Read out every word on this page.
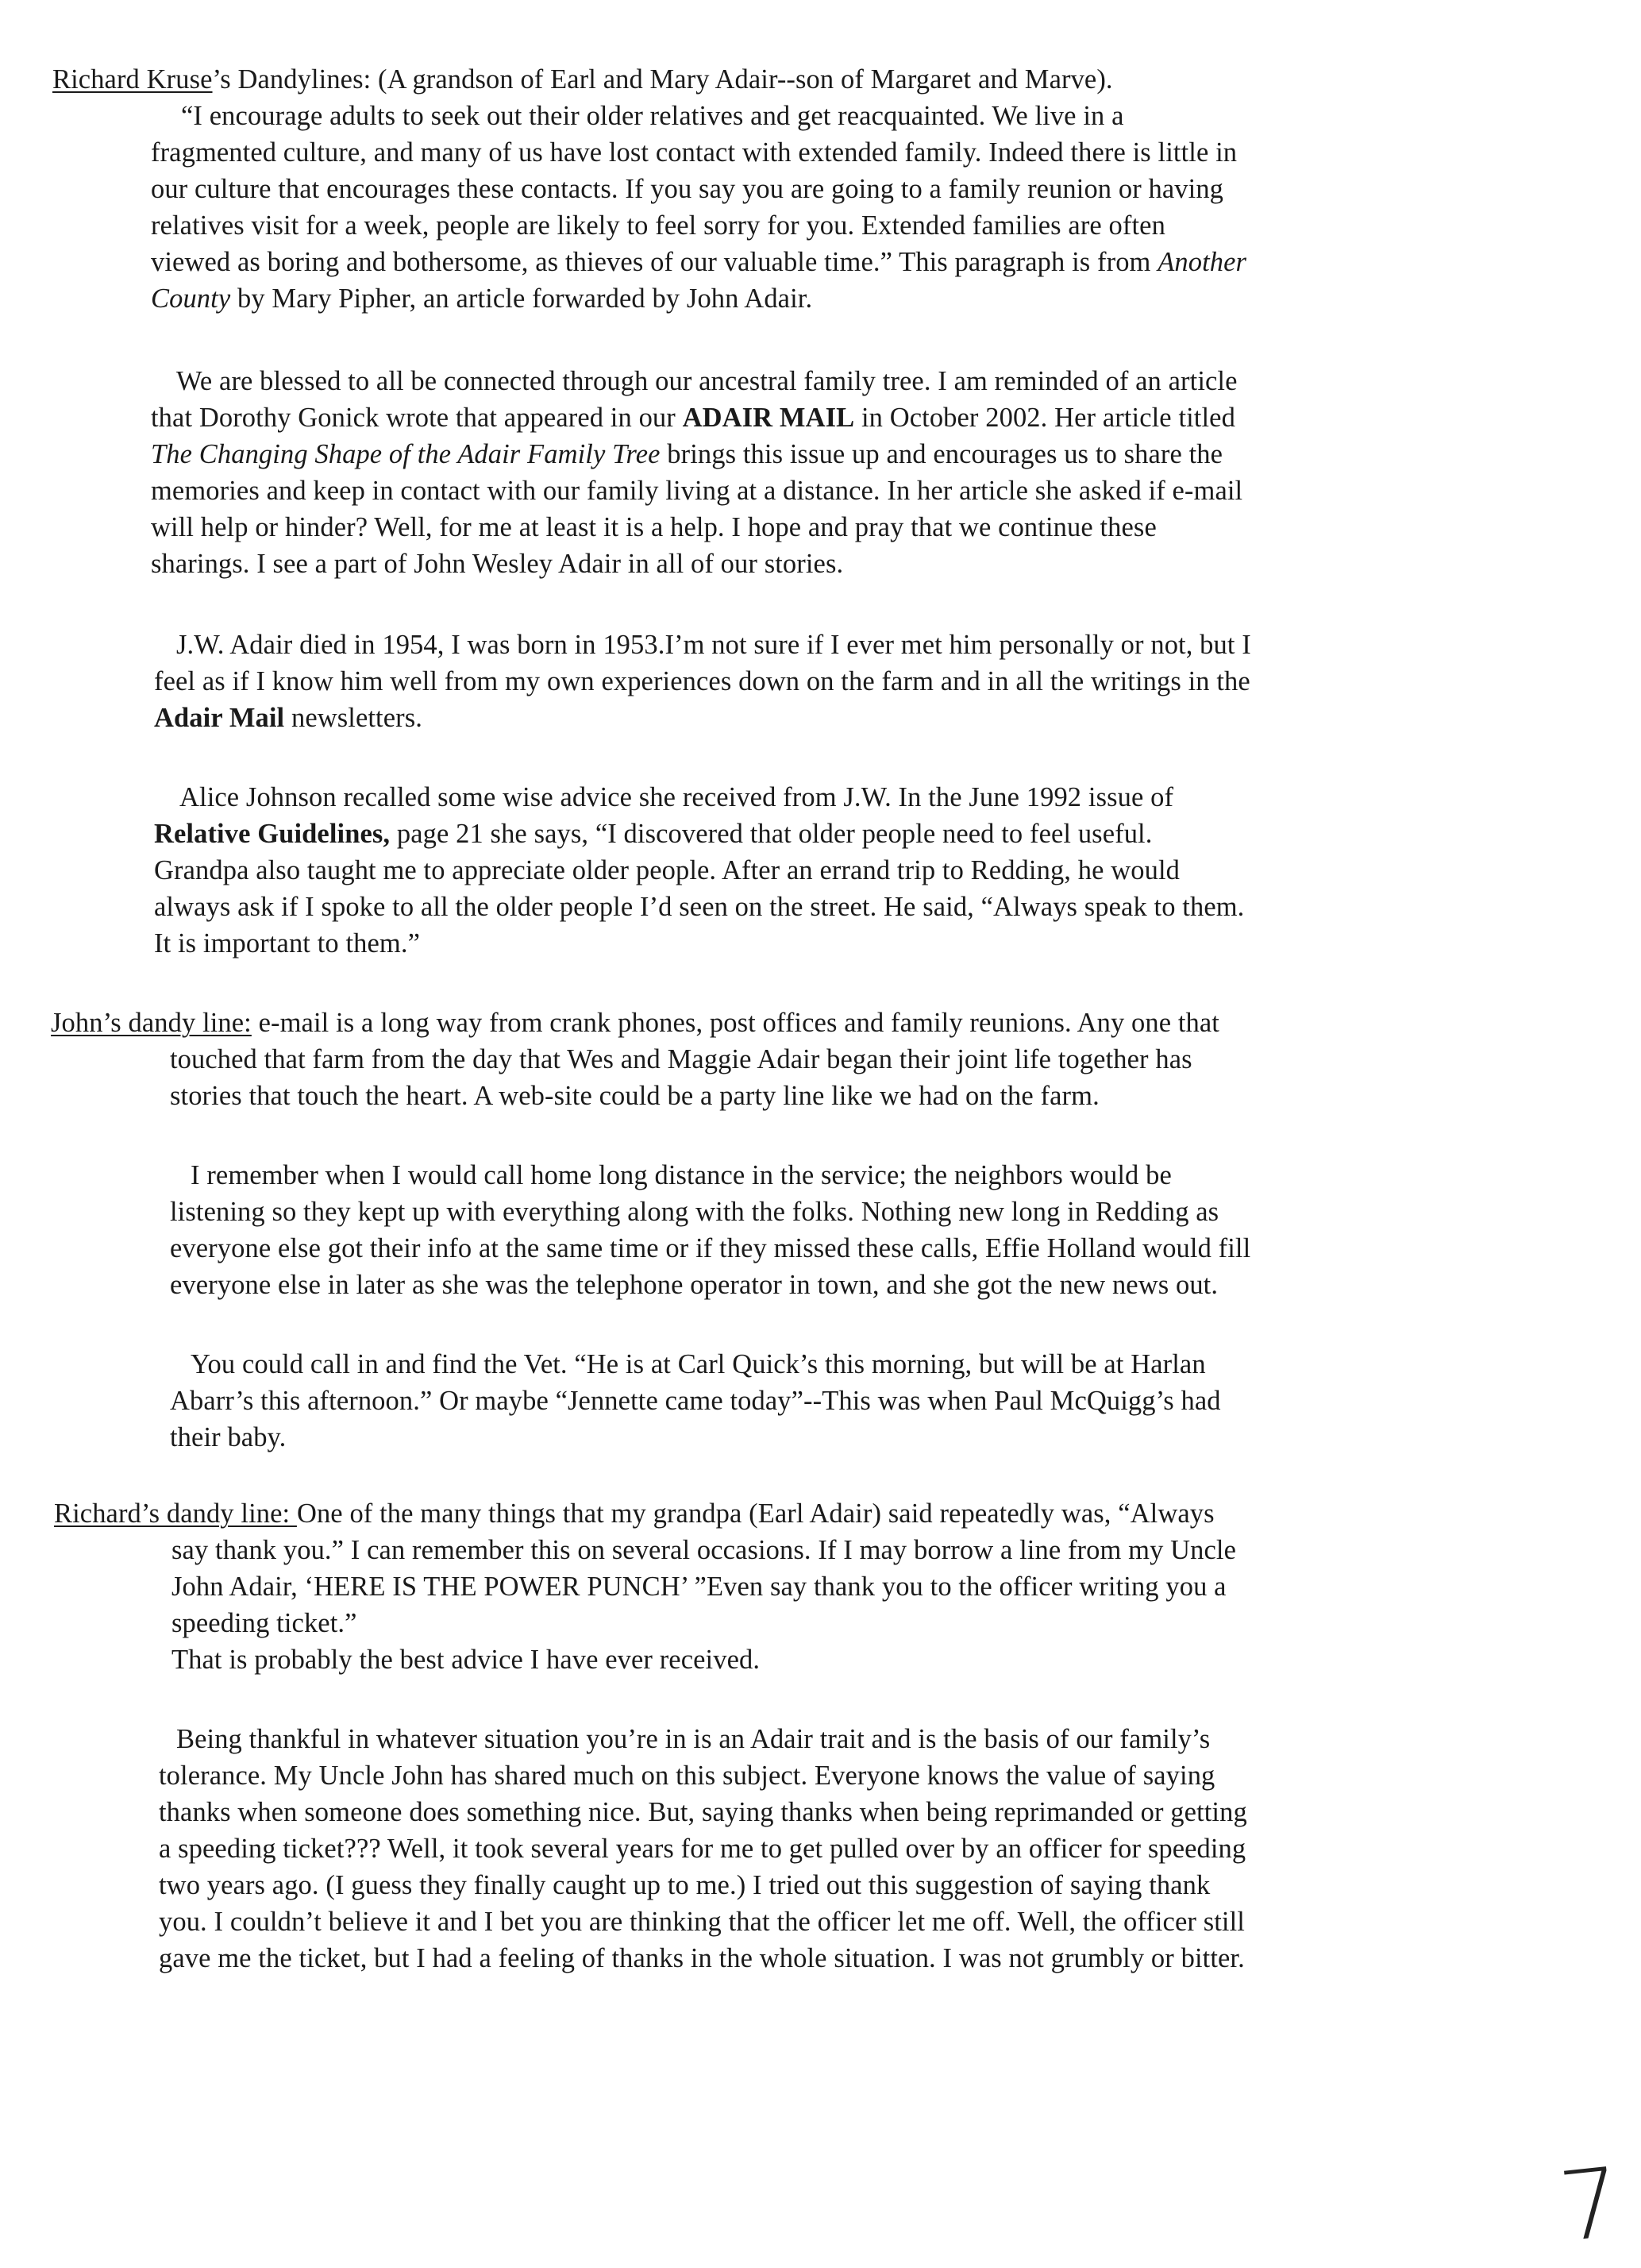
Richard Kruse’s Dandylines: (A grandson of Earl and Mary Adair--son of Margaret and Marve).
“I encourage adults to seek out their older relatives and get reacquainted. We live in a
fragmented culture, and many of us have lost contact with extended family. Indeed there is little in
our culture that encourages these contacts. If you say you are going to a family reunion or having
relatives visit for a week, people are likely to feel sorry for you. Extended families are often
viewed as boring and bothersome, as thieves of our valuable time.” This paragraph is from Another
County by Mary Pipher, an article forwarded by John Adair.
We are blessed to all be connected through our ancestral family tree. I am reminded of an article
that Dorothy Gonick wrote that appeared in our ADAIR MAIL in October 2002. Her article titled
The Changing Shape of the Adair Family Tree brings this issue up and encourages us to share the
memories and keep in contact with our family living at a distance. In her article she asked if e-mail
will help or hinder? Well, for me at least it is a help. I hope and pray that we continue these
sharings. I see a part of John Wesley Adair in all of our stories.
J.W. Adair died in 1954, I was born in 1953.I’m not sure if I ever met him personally or not, but I
feel as if I know him well from my own experiences down on the farm and in all the writings in the
Adair Mail newsletters.
Alice Johnson recalled some wise advice she received from J.W. In the June 1992 issue of
Relative Guidelines, page 21 she says, “I discovered that older people need to feel useful.
Grandpa also taught me to appreciate older people. After an errand trip to Redding, he would
always ask if I spoke to all the older people I’d seen on the street. He said, “Always speak to them.
It is important to them.”
John’s dandy line: e-mail is a long way from crank phones, post offices and family reunions. Any one that
touched that farm from the day that Wes and Maggie Adair began their joint life together has
stories that touch the heart. A web-site could be a party line like we had on the farm.
I remember when I would call home long distance in the service; the neighbors would be
listening so they kept up with everything along with the folks. Nothing new long in Redding as
everyone else got their info at the same time or if they missed these calls, Effie Holland would fill
everyone else in later as she was the telephone operator in town, and she got the new news out.
You could call in and find the Vet. “He is at Carl Quick’s this morning, but will be at Harlan
Abarr’s this afternoon.” Or maybe “Jennette came today”--This was when Paul McQuigg’s had
their baby.
Richard’s dandy line: One of the many things that my grandpa (Earl Adair) said repeatedly was, “Always
say thank you.” I can remember this on several occasions. If I may borrow a line from my Uncle
John Adair, ‘HERE IS THE POWER PUNCH’ ”Even say thank you to the officer writing you a
speeding ticket.”
That is probably the best advice I have ever received.
Being thankful in whatever situation you’re in is an Adair trait and is the basis of our family’s
tolerance. My Uncle John has shared much on this subject. Everyone knows the value of saying
thanks when someone does something nice. But, saying thanks when being reprimanded or getting
a speeding ticket??? Well, it took several years for me to get pulled over by an officer for speeding
two years ago. (I guess they finally caught up to me.) I tried out this suggestion of saying thank
you. I couldn’t believe it and I bet you are thinking that the officer let me off. Well, the officer still
gave me the ticket, but I had a feeling of thanks in the whole situation. I was not grumbly or bitter.
7
